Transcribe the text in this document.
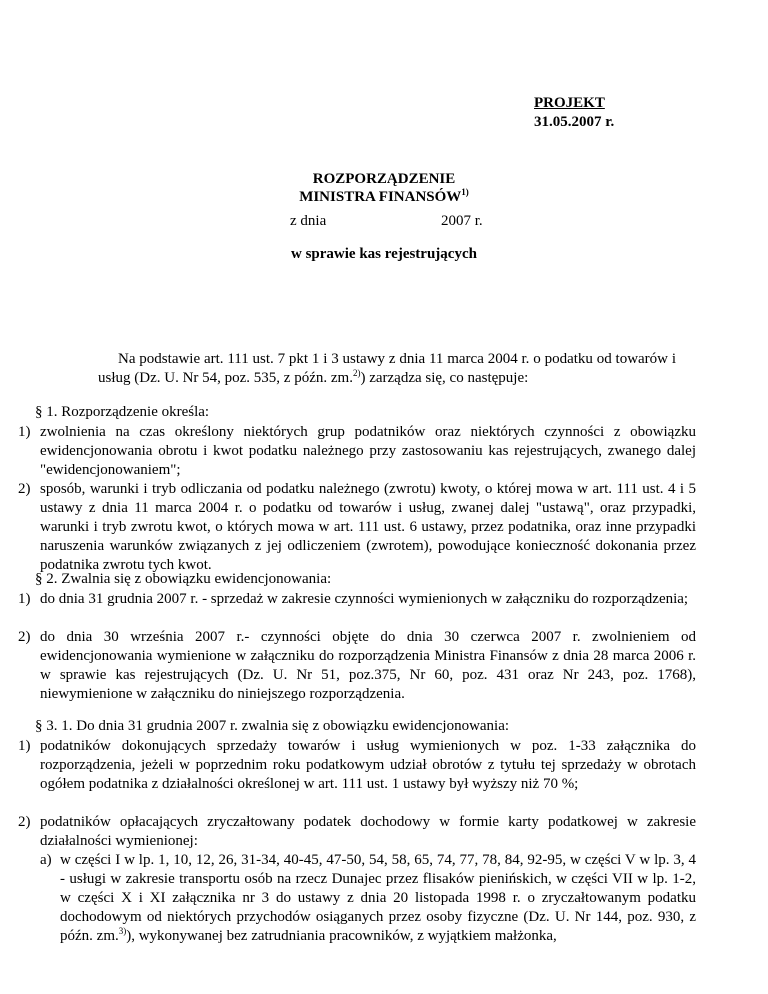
PROJEKT
31.05.2007 r.
ROZPORZĄDZENIE
MINISTRA FINANSÓW$^{1)}$
z dnia	2007 r.
w sprawie kas rejestrujących
Na podstawie art. 111 ust. 7 pkt 1 i 3 ustawy z dnia 11 marca 2004 r. o podatku od towarów i usług (Dz. U. Nr 54, poz. 535, z późn. zm.$^{2)}$) zarządza się, co następuje:
§ 1. Rozporządzenie określa:
1) zwolnienia na czas określony niektórych grup podatników oraz niektórych czynności z obowiązku ewidencjonowania obrotu i kwot podatku należnego przy zastosowaniu kas rejestrujących, zwanego dalej "ewidencjonowaniem";
2) sposób, warunki i tryb odliczania od podatku należnego (zwrotu) kwoty, o której mowa w art. 111 ust. 4 i 5 ustawy z dnia 11 marca 2004 r. o podatku od towarów i usług, zwanej dalej "ustawą", oraz przypadki, warunki i tryb zwrotu kwot, o których mowa w art. 111 ust. 6 ustawy, przez podatnika, oraz inne przypadki naruszenia warunków związanych z jej odliczeniem (zwrotem), powodujące konieczność dokonania przez podatnika zwrotu tych kwot.
§ 2. Zwalnia się z obowiązku ewidencjonowania:
1) do dnia 31 grudnia 2007 r. - sprzedaż w zakresie czynności wymienionych w załączniku do rozporządzenia;
2) do dnia 30 września 2007 r.- czynności objęte do dnia 30 czerwca 2007 r. zwolnieniem od ewidencjonowania wymienione w załączniku do rozporządzenia Ministra Finansów z dnia 28 marca 2006 r. w sprawie kas rejestrujących (Dz. U. Nr 51, poz.375, Nr 60, poz. 431 oraz Nr 243, poz. 1768), niewymienione w załączniku do niniejszego rozporządzenia.
§ 3. 1. Do dnia 31 grudnia 2007 r. zwalnia się z obowiązku ewidencjonowania:
1) podatników dokonujących sprzedaży towarów i usług wymienionych w poz. 1-33 załącznika do rozporządzenia, jeżeli w poprzednim roku podatkowym udział obrotów z tytułu tej sprzedaży w obrotach ogółem podatnika z działalności określonej w art. 111 ust. 1 ustawy był wyższy niż 70 %;
2) podatników opłacających zryczałtowany podatek dochodowy w formie karty podatkowej w zakresie działalności wymienionej:
a) w części I w lp. 1, 10, 12, 26, 31-34, 40-45, 47-50, 54, 58, 65, 74, 77, 78, 84, 92-95, w części V w lp. 3, 4 - usługi w zakresie transportu osób na rzecz Dunajec przez flisaków pienińskich, w części VII w lp. 1-2, w części X i XI załącznika nr 3 do ustawy z dnia 20 listopada 1998 r. o zryczałtowanym podatku dochodowym od niektórych przychodów osiąganych przez osoby fizyczne (Dz. U. Nr 144, poz. 930, z późn. zm.$^{3)}$), wykonywanej bez zatrudniania pracowników, z wyjątkiem małżonka,
